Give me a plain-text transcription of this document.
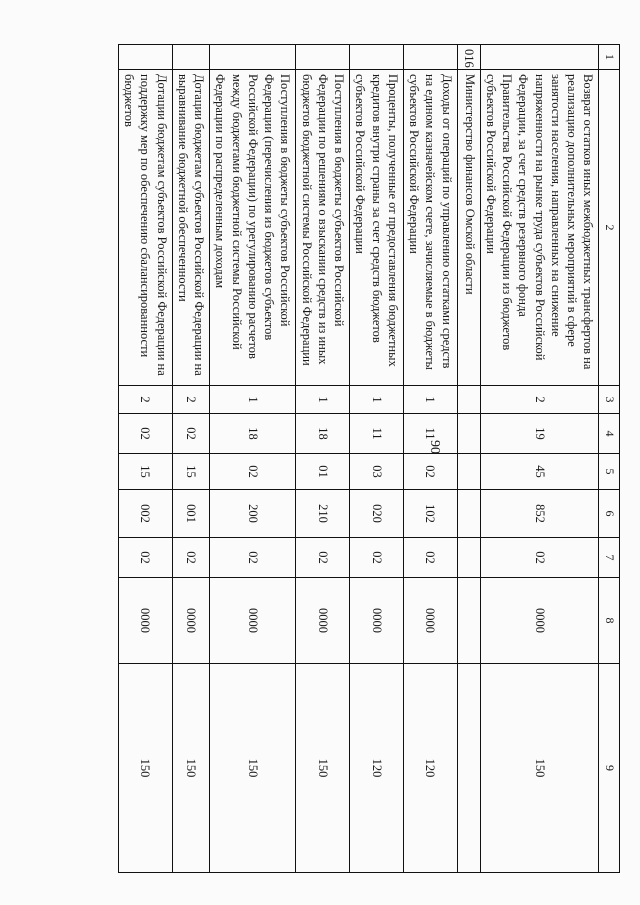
90
1	2	3	4	5	6	7	8	9
	Возврат остатков иных межбюджетных трансфертов на реализацию дополнительных мероприятий в сфере занятости населения, направленных на снижение напряженности на рынке труда субъектов Российской Федерации, за счет средств резервного фонда Правительства Российской Федерации из бюджетов субъектов Российской Федерации	2	19	45	852	02	0000	150
016	Министерство финансов Омской области							
	Доходы от операций по управлению остатками средств на едином казначейском счете, зачисляемые в бюджеты субъектов Российской Федерации	1	11	02	102	02	0000	120
	Проценты, полученные от предоставления бюджетных кредитов внутри страны за счет средств бюджетов субъектов Российской Федерации	1	11	03	020	02	0000	120
	Поступления в бюджеты субъектов Российской Федерации по решениям о взыскании средств из иных бюджетов бюджетной системы Российской Федерации	1	18	01	210	02	0000	150
	Поступления в бюджеты субъектов Российской Федерации (перечисления из бюджетов субъектов Российской Федерации) по урегулированию расчетов между бюджетами бюджетной системы Российской Федерации по распределенным доходам	1	18	02	200	02	0000	150
	Дотации бюджетам субъектов Российской Федерации на выравнивание бюджетной обеспеченности	2	02	15	001	02	0000	150
	Дотации бюджетам субъектов Российской Федерации на поддержку мер по обеспечению сбалансированности бюджетов	2	02	15	002	02	0000	150
